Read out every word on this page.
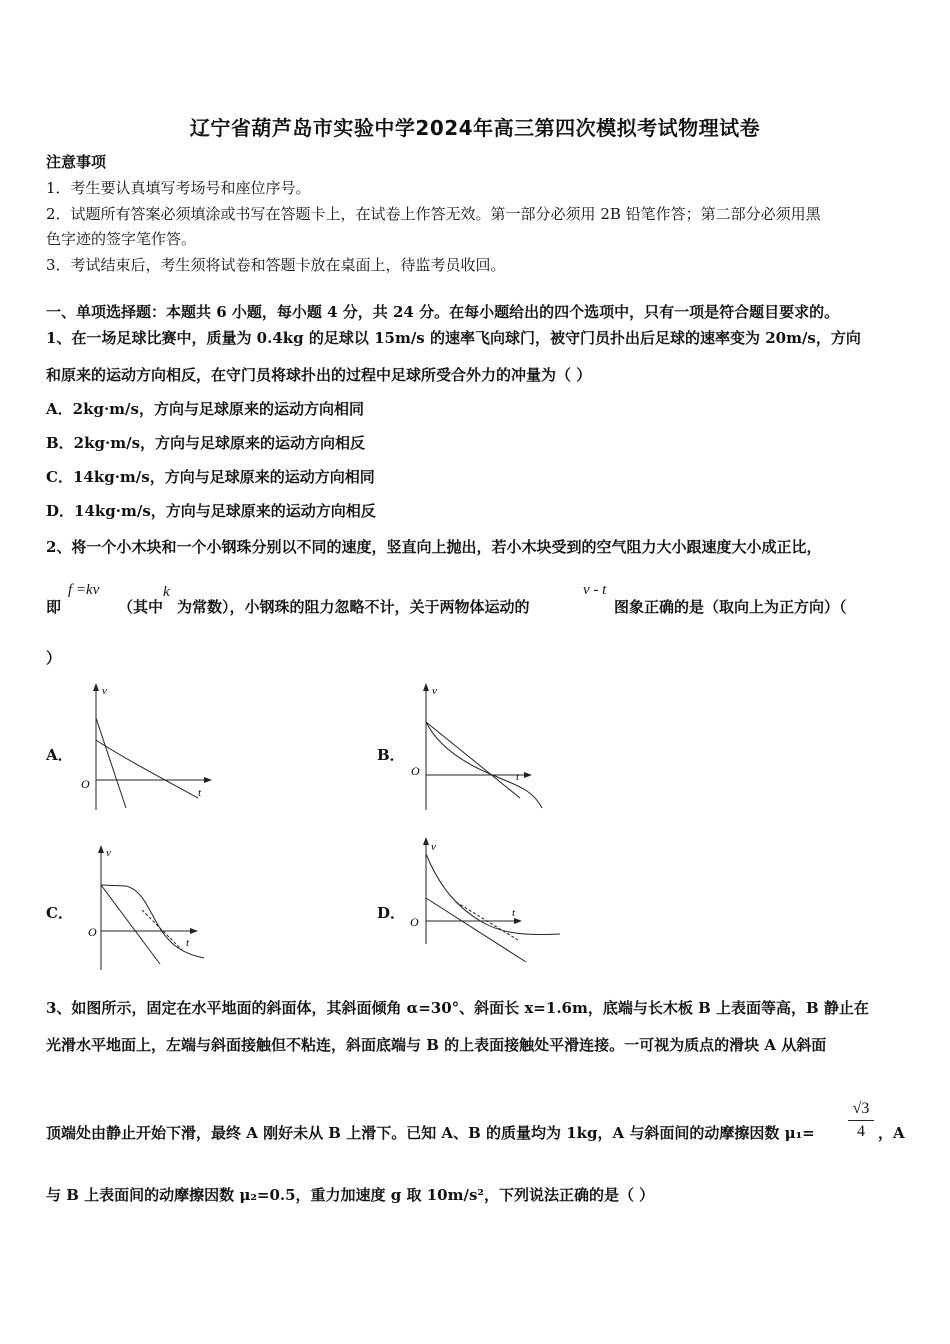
辽宁省葫芦岛市实验中学2024年高三第四次模拟考试物理试卷
注意事项
1．考生要认真填写考场号和座位序号。
2．试题所有答案必须填涂或书写在答题卡上，在试卷上作答无效。第一部分必须用 2B 铅笔作答；第二部分必须用黑
色字迹的签字笔作答。
3．考试结束后，考生须将试卷和答题卡放在桌面上，待监考员收回。
一、单项选择题：本题共 6 小题，每小题 4 分，共 24 分。在每小题给出的四个选项中，只有一项是符合题目要求的。
1、在一场足球比赛中，质量为 0.4kg 的足球以 15m/s 的速率飞向球门，被守门员扑出后足球的速率变为 20m/s，方向
和原来的运动方向相反，在守门员将球扑出的过程中足球所受合外力的冲量为（ ）
A．2kg·m/s，方向与足球原来的运动方向相同
B．2kg·m/s，方向与足球原来的运动方向相反
C．14kg·m/s，方向与足球原来的运动方向相同
D．14kg·m/s，方向与足球原来的运动方向相反
2、将一个小木块和一个小钢珠分别以不同的速度，竖直向上抛出，若小木块受到的空气阻力大小跟速度大小成正比，
即
f =kv
（其中
k
为常数），小钢珠的阻力忽略不计，关于两物体运动的
v - t
图象正确的是（取向上为正方向）（
）
A．	B．
C．	D．
v
t
O
v
t
O
v
t
O
v
t
O
3、如图所示，固定在水平地面的斜面体，其斜面倾角 α=30°、斜面长 x=1.6m，底端与长木板 B 上表面等高，B 静止在
光滑水平地面上，左端与斜面接触但不粘连，斜面底端与 B 的上表面接触处平滑连接。一可视为质点的滑块 A 从斜面
顶端处由静止开始下滑，最终 A 刚好未从 B 上滑下。已知 A、B 的质量均为 1kg，A 与斜面间的动摩擦因数 μ₁=
√3
4 ，A
与 B 上表面间的动摩擦因数 μ₂=0.5，重力加速度 g 取 10m/s²，下列说法正确的是（ ）
